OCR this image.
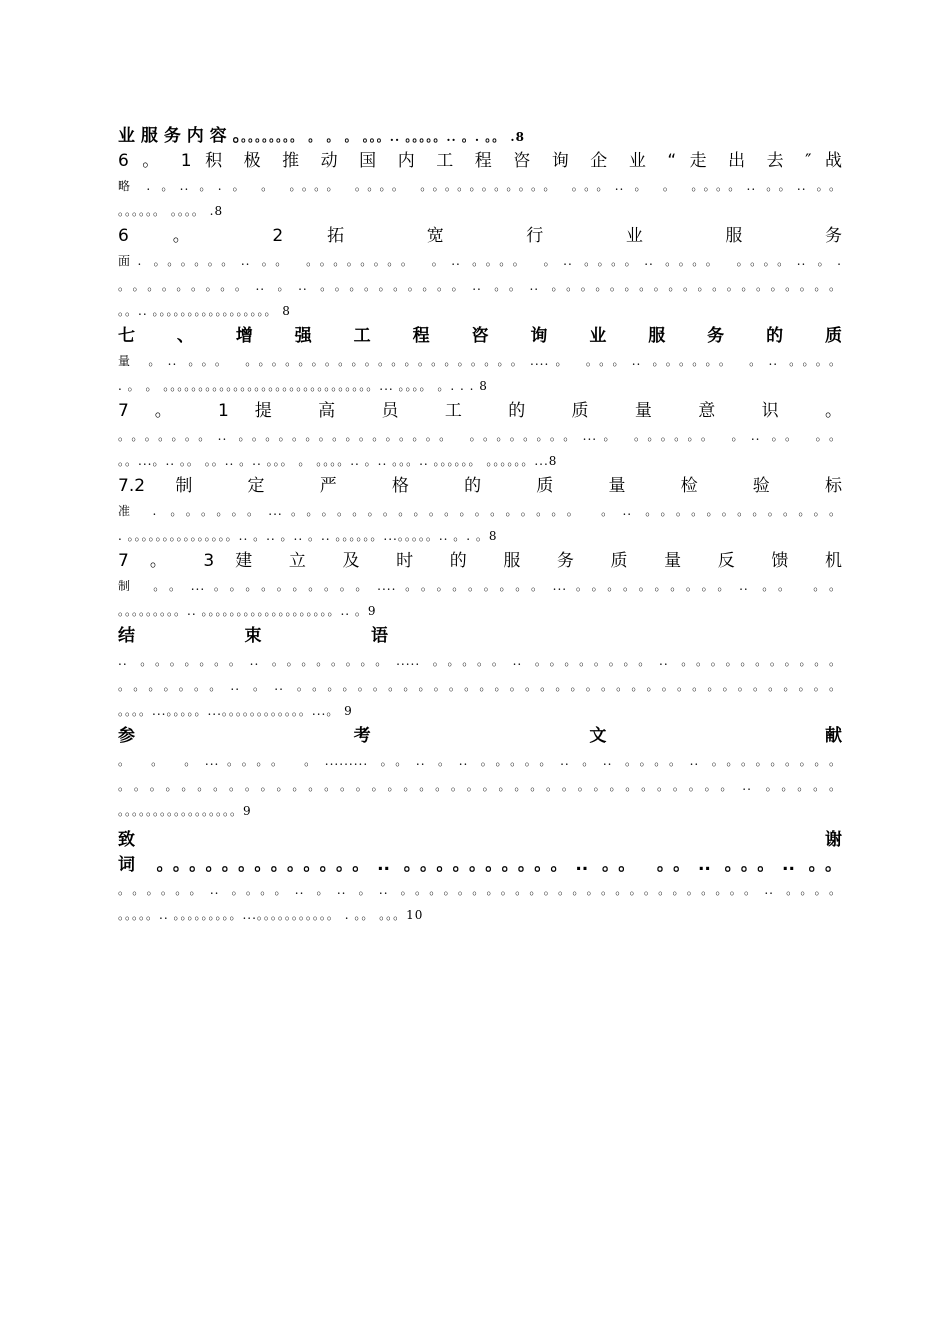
业 服 务 内 容 。。。。。。。。。 。 。 。 。。。.. 。。。。。.. 。. 。。 .8
6 。 1 积 极 推 动 国 内 工 程 咨 询 企 业 “ 走 出 去 ″ 战
略 . 。.. 。. 。 。 。。。。 。。。。 。。。。。。。。。。。 。。。.. 。 。 。。。。.. 。。.. 。。
。。。。。。 。。。。 .8
6 。 2 拓 宽 行 业 服 务
面. 。。。。。。.. 。。 。。。。。。。。 。.. 。。。。 。.. 。。。。.. 。。。。 。。。。.. 。.
。。。。。。。。。.. 。.. 。。。。。。。。。。.. 。。.. 。。。。。。。。。。。。。。。。。。。。
。。.. 。。。。。。。。。。。。。。。。。 8
七 、 增 强 工 程 咨 询 业 服 务 的 质
量 。.. 。。。 。。。。。。。。。。。。。。。。。。。。。....。 。。。.. 。。。。。。 。.. 。。。。
. 。 。 。。。。。。。。。。。。。。。。。。。。。。。。。。。。。。... 。。。。 。. . . 8
7 。 1 提 高 员 工 的 质 量 意 识 。
。。。。。。。.. 。。。。。。。。。。。。。。。。 。。。。。。。。...。 。。。。。。 。.. 。。 。。
。。...。.. 。。 。。.. 。.. 。。。 。 。。。。.. 。.. 。。。.. 。。。。。。 。。。。。。...8
7.2 制 定 严 格 的 质 量 检 验 标
准 . 。。。。。。...。。。。。。。。。。。。。。。。。。。 。.. 。。。。。。。。。。。。。
. 。。。。。。。。。。。。。。。.. 。.. 。.. 。.. 。。。。。。...。。。。。.. 。. 。8
7 。 3 建 立 及 时 的 服 务 质 量 反 馈 机
制 。。...。。。。。。。。。。....。。。。。。。。。...。。。。。。。。。。.. 。。 。。
。。。。。。。。。.. 。。。。。。。。。。。。。。。。。。。.. 。9
结 束 语
.. 。。。。。。。.. 。。。。。。。。..... 。。。。。.. 。。。。。。。。.. 。。。。。。。。。。。
。。。。。。。.. 。.. 。。。。。。。。。。。。。。。。。。。。。。。。。。。。。。。。。。。。
。。。。...。。。。。...。。。。。。。。。。。。...。 9
参 考 文 献
。 。 。...。。。。 。......... 。。.. 。.. 。。。。。.. 。.. 。。。。.. 。。。。。。。。。
。。。。。。。。。。。。。。。。。。。。。。。。。。。。。。。。。。。。。。。.. 。。。。。
。。。。。。。。。。。。。。。。。9
致 谢
词 。。。。。。。。。。。。。.. 。。。。。。。。。。.. 。。 。。.. 。。。.. 。。
。。。。。。.. 。。。。.. 。.. 。.. 。。。。。。。。。。。。。。。。。。。。。。。。。.. 。。。。
。。。。。.. 。。。。。。。。。...。。。。。。。。。。。 . 。。 。。。10
